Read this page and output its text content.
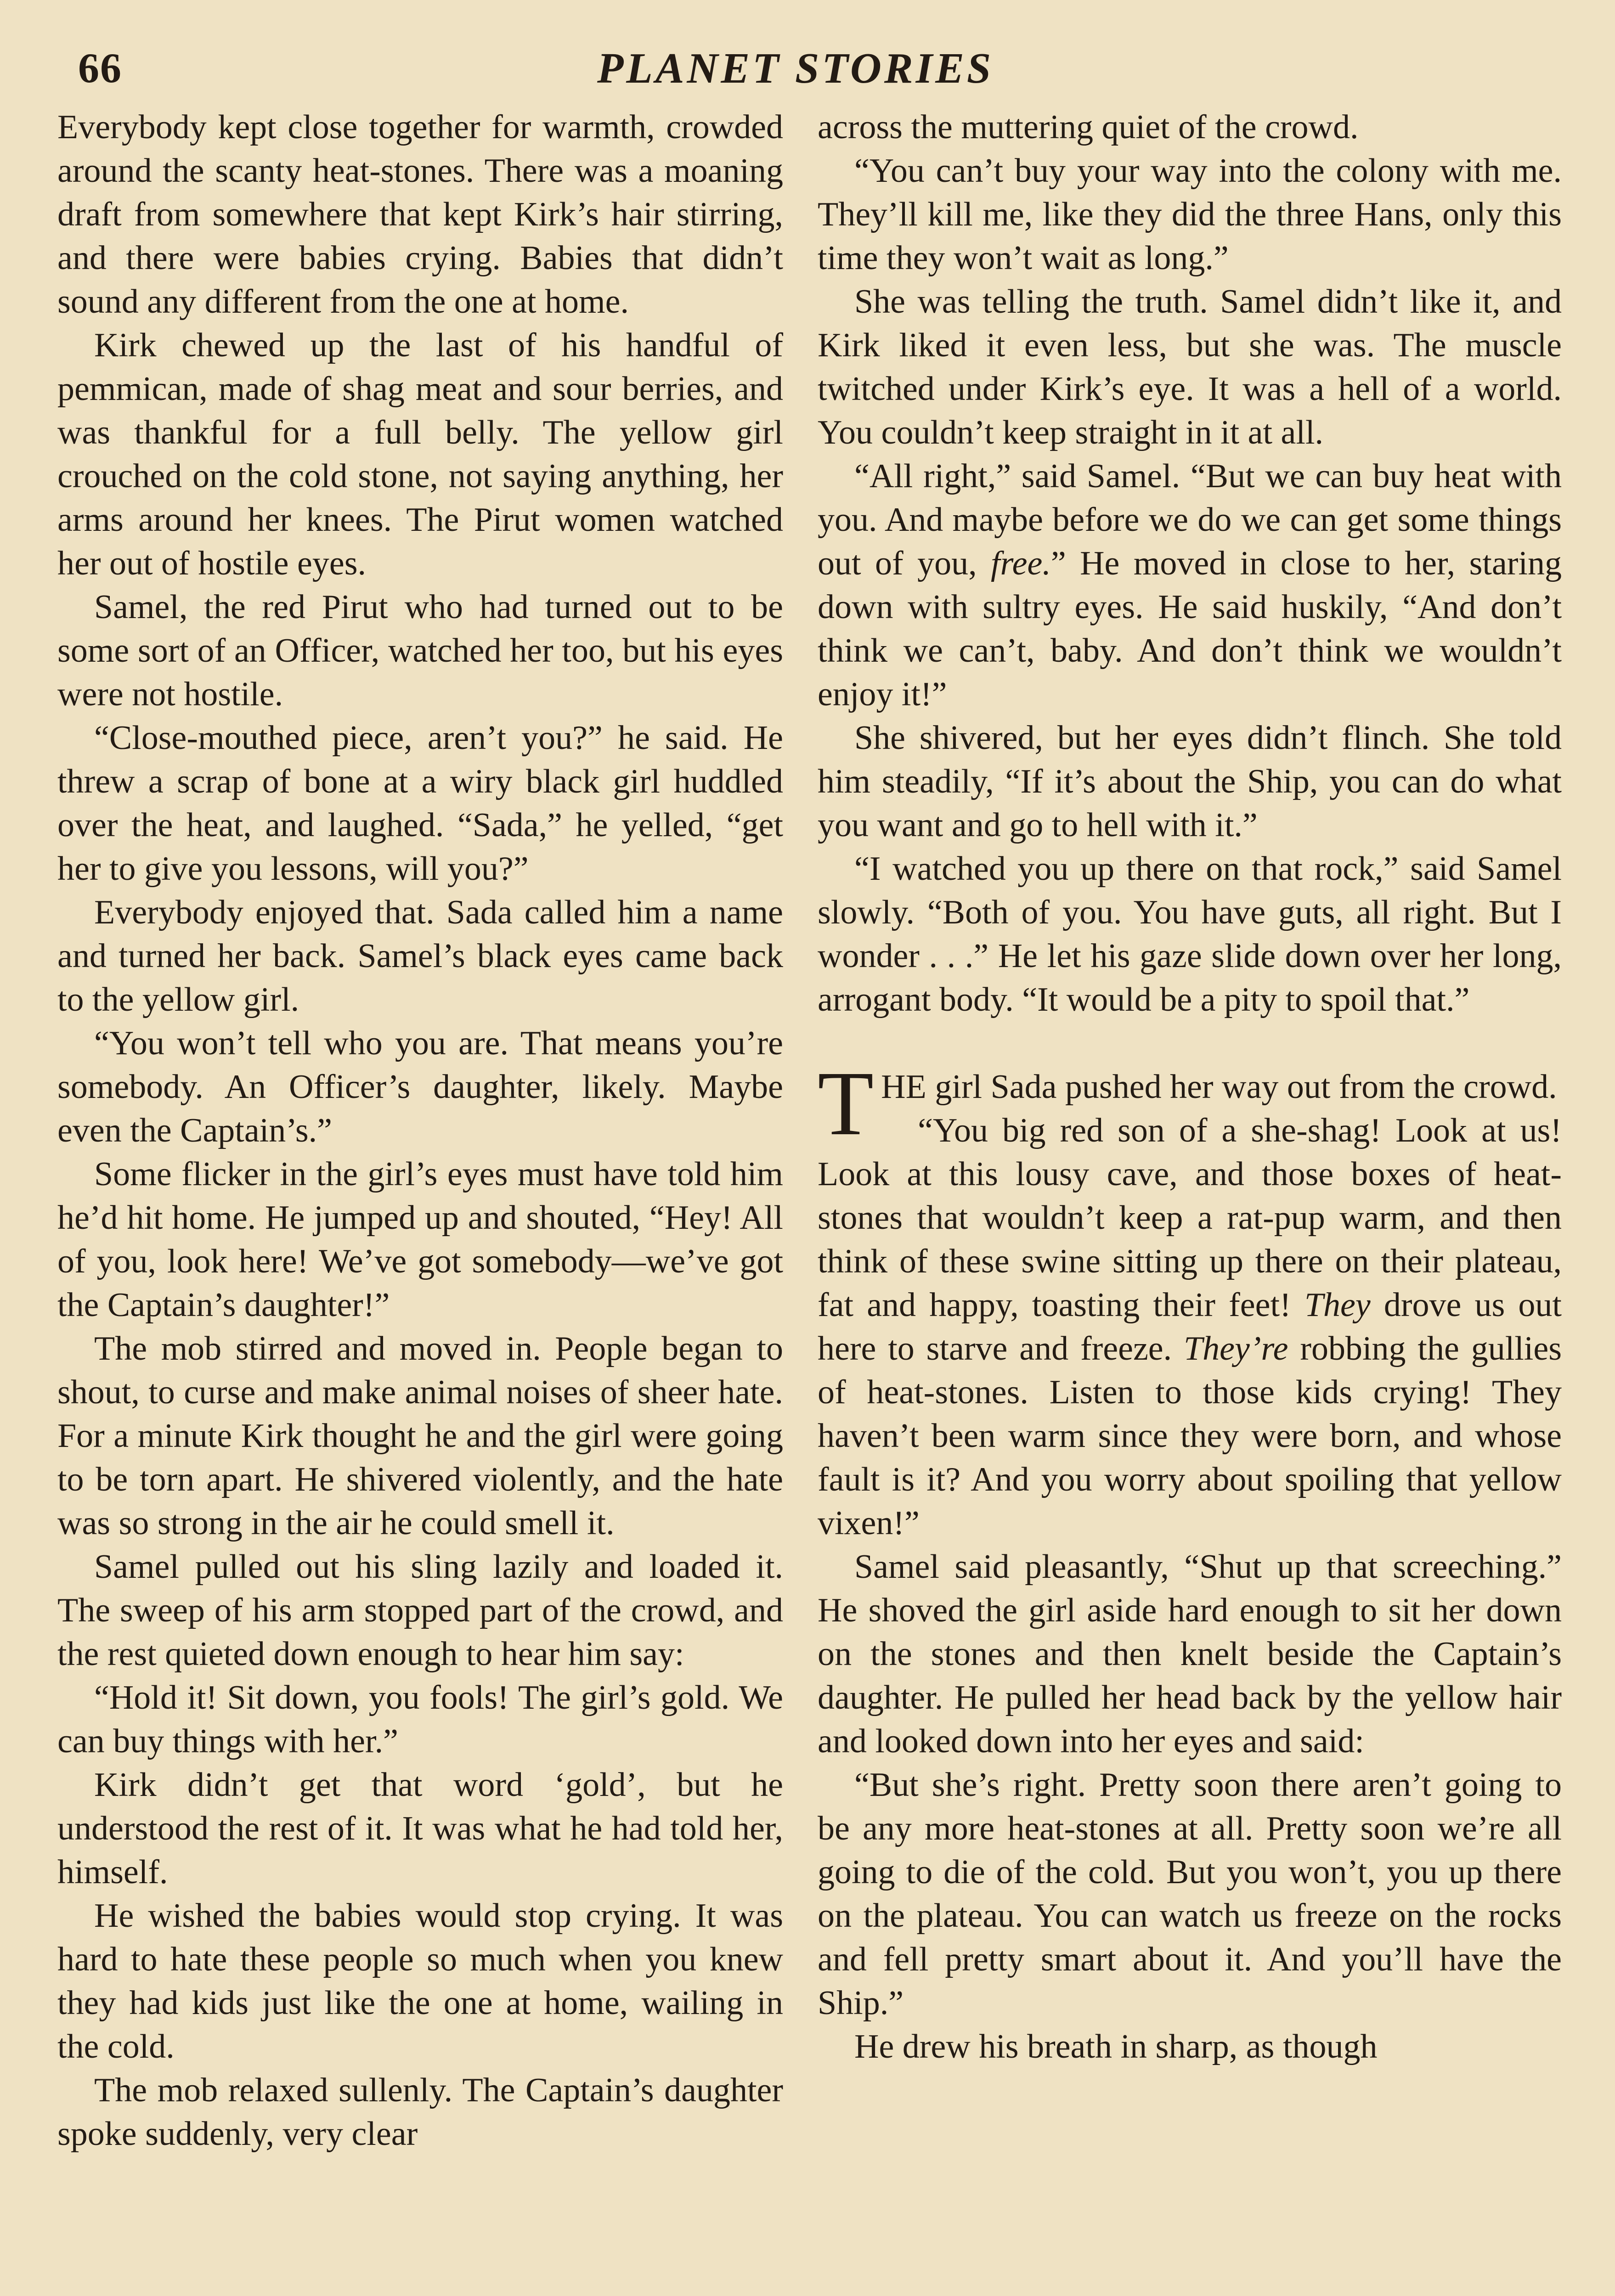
66	PLANET STORIES

Everybody kept close together for warmth, crowded around the scanty heat-stones. There was a moaning draft from somewhere that kept Kirk’s hair stirring, and there were babies crying. Babies that didn’t sound any different from the one at home.

Kirk chewed up the last of his handful of pemmican, made of shag meat and sour berries, and was thankful for a full belly. The yellow girl crouched on the cold stone, not saying anything, her arms around her knees. The Pirut women watched her out of hostile eyes.

Samel, the red Pirut who had turned out to be some sort of an Officer, watched her too, but his eyes were not hostile.

“Close-mouthed piece, aren’t you?” he said. He threw a scrap of bone at a wiry black girl huddled over the heat, and laughed. “Sada,” he yelled, “get her to give you lessons, will you?”

Everybody enjoyed that. Sada called him a name and turned her back. Samel’s black eyes came back to the yellow girl.

“You won’t tell who you are. That means you’re somebody. An Officer’s daughter, likely. Maybe even the Captain’s.”

Some flicker in the girl’s eyes must have told him he’d hit home. He jumped up and shouted, “Hey! All of you, look here! We’ve got somebody—we’ve got the Captain’s daughter!”

The mob stirred and moved in. People began to shout, to curse and make animal noises of sheer hate. For a minute Kirk thought he and the girl were going to be torn apart. He shivered violently, and the hate was so strong in the air he could smell it.

Samel pulled out his sling lazily and loaded it. The sweep of his arm stopped part of the crowd, and the rest quieted down enough to hear him say:

“Hold it! Sit down, you fools! The girl’s gold. We can buy things with her.”

Kirk didn’t get that word ‘gold’, but he understood the rest of it. It was what he had told her, himself.

He wished the babies would stop crying. It was hard to hate these people so much when you knew they had kids just like the one at home, wailing in the cold.

The mob relaxed sullenly. The Captain’s daughter spoke suddenly, very clear

across the muttering quiet of the crowd.

“You can’t buy your way into the colony with me. They’ll kill me, like they did the three Hans, only this time they won’t wait as long.”

She was telling the truth. Samel didn’t like it, and Kirk liked it even less, but she was. The muscle twitched under Kirk’s eye. It was a hell of a world. You couldn’t keep straight in it at all.

“All right,” said Samel. “But we can buy heat with you. And maybe before we do we can get some things out of you, free.” He moved in close to her, staring down with sultry eyes. He said huskily, “And don’t think we can’t, baby. And don’t think we wouldn’t enjoy it!”

She shivered, but her eyes didn’t flinch. She told him steadily, “If it’s about the Ship, you can do what you want and go to hell with it.”

“I watched you up there on that rock,” said Samel slowly. “Both of you. You have guts, all right. But I wonder . . .” He let his gaze slide down over her long, arrogant body. “It would be a pity to spoil that.”

THE girl Sada pushed her way out from the crowd.

“You big red son of a she-shag! Look at us! Look at this lousy cave, and those boxes of heat-stones that wouldn’t keep a rat-pup warm, and then think of these swine sitting up there on their plateau, fat and happy, toasting their feet! They drove us out here to starve and freeze. They’re robbing the gullies of heat-stones. Listen to those kids crying! They haven’t been warm since they were born, and whose fault is it? And you worry about spoiling that yellow vixen!”

Samel said pleasantly, “Shut up that screeching.” He shoved the girl aside hard enough to sit her down on the stones and then knelt beside the Captain’s daughter. He pulled her head back by the yellow hair and looked down into her eyes and said:

“But she’s right. Pretty soon there aren’t going to be any more heat-stones at all. Pretty soon we’re all going to die of the cold. But you won’t, you up there on the plateau. You can watch us freeze on the rocks and fell pretty smart about it. And you’ll have the Ship.”

He drew his breath in sharp, as though
